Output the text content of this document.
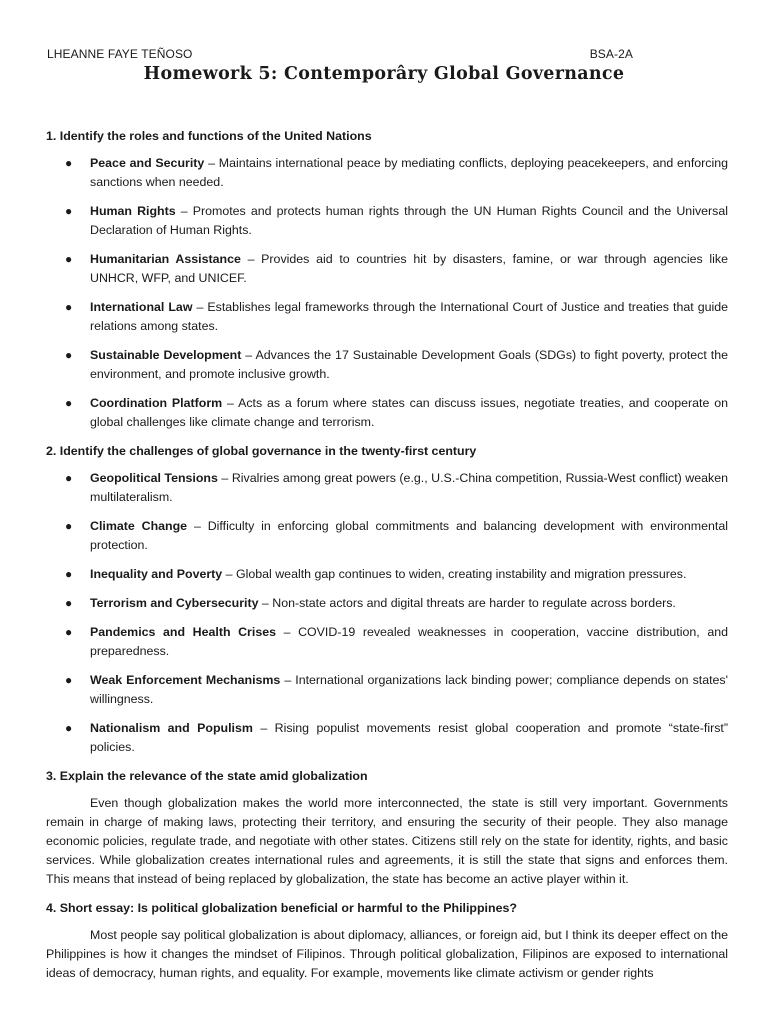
LHEANNE FAYE TEÑOSO	BSA-2A
Homework 5: Contemporâry Global Governance
1. Identify the roles and functions of the United Nations
● Peace and Security – Maintains international peace by mediating conflicts, deploying peacekeepers, and enforcing sanctions when needed.
● Human Rights – Promotes and protects human rights through the UN Human Rights Council and the Universal Declaration of Human Rights.
● Humanitarian Assistance – Provides aid to countries hit by disasters, famine, or war through agencies like UNHCR, WFP, and UNICEF.
● International Law – Establishes legal frameworks through the International Court of Justice and treaties that guide relations among states.
● Sustainable Development – Advances the 17 Sustainable Development Goals (SDGs) to fight poverty, protect the environment, and promote inclusive growth.
● Coordination Platform – Acts as a forum where states can discuss issues, negotiate treaties, and cooperate on global challenges like climate change and terrorism.
2. Identify the challenges of global governance in the twenty-first century
● Geopolitical Tensions – Rivalries among great powers (e.g., U.S.-China competition, Russia-West conflict) weaken multilateralism.
● Climate Change – Difficulty in enforcing global commitments and balancing development with environmental protection.
● Inequality and Poverty – Global wealth gap continues to widen, creating instability and migration pressures.
● Terrorism and Cybersecurity – Non-state actors and digital threats are harder to regulate across borders.
● Pandemics and Health Crises – COVID-19 revealed weaknesses in cooperation, vaccine distribution, and preparedness.
● Weak Enforcement Mechanisms – International organizations lack binding power; compliance depends on states' willingness.
● Nationalism and Populism – Rising populist movements resist global cooperation and promote “state-first” policies.
3. Explain the relevance of the state amid globalization

Even though globalization makes the world more interconnected, the state is still very important. Governments remain in charge of making laws, protecting their territory, and ensuring the security of their people. They also manage economic policies, regulate trade, and negotiate with other states. Citizens still rely on the state for identity, rights, and basic services. While globalization creates international rules and agreements, it is still the state that signs and enforces them. This means that instead of being replaced by globalization, the state has become an active player within it.

4. Short essay: Is political globalization beneficial or harmful to the Philippines?

Most people say political globalization is about diplomacy, alliances, or foreign aid, but I think its deeper effect on the Philippines is how it changes the mindset of Filipinos. Through political globalization, Filipinos are exposed to international ideas of democracy, human rights, and equality. For example, movements like climate activism or gender rights
